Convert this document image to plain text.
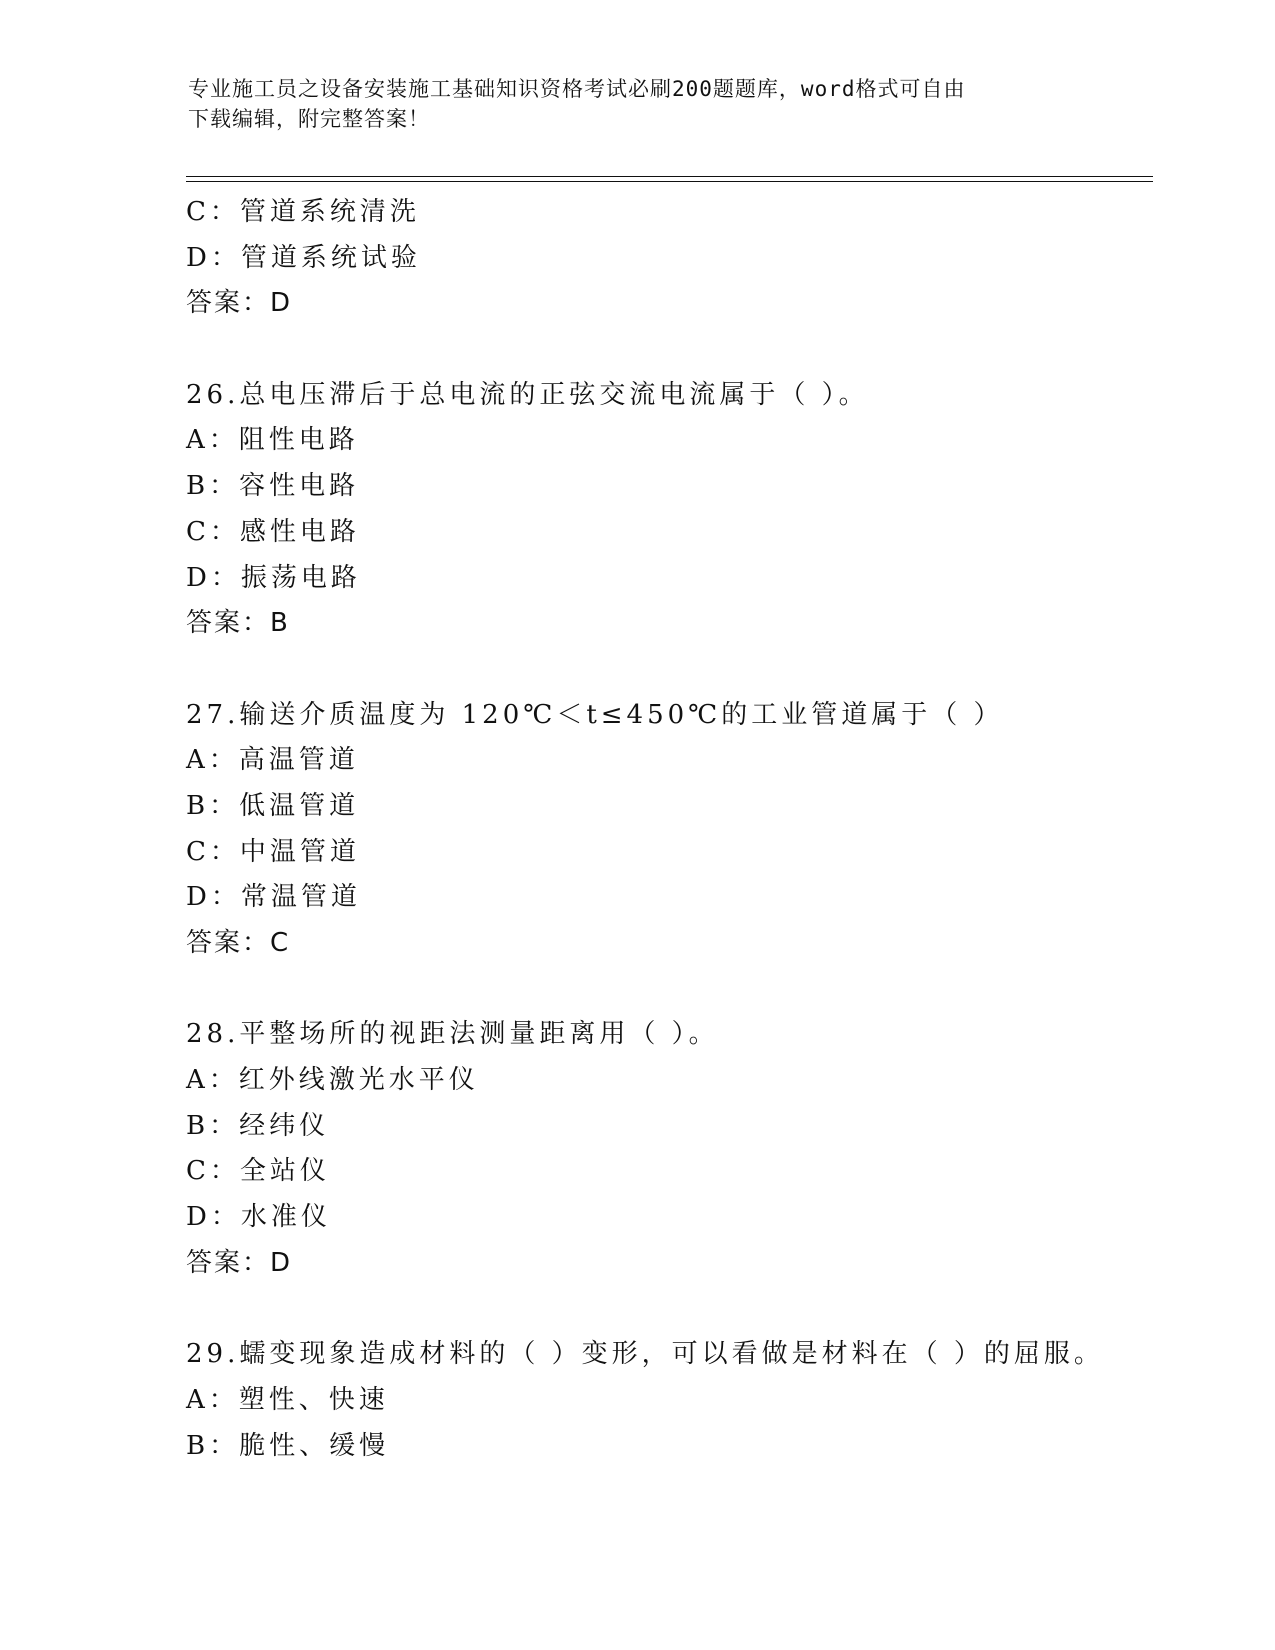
专业施工员之设备安装施工基础知识资格考试必刷200题题库，word格式可自由
下载编辑，附完整答案！
C：管道系统清洗
D：管道系统试验
答案：D
26.总电压滞后于总电流的正弦交流电流属于（ ）。
A：阻性电路
B：容性电路
C：感性电路
D：振荡电路
答案：B
27.输送介质温度为 120℃＜t≤450℃的工业管道属于（ ）
A：高温管道
B：低温管道
C：中温管道
D：常温管道
答案：C
28.平整场所的视距法测量距离用（ ）。
A：红外线激光水平仪
B：经纬仪
C：全站仪
D：水准仪
答案：D
29.蠕变现象造成材料的（ ）变形，可以看做是材料在（ ）的屈服。
A：塑性、快速
B：脆性、缓慢
